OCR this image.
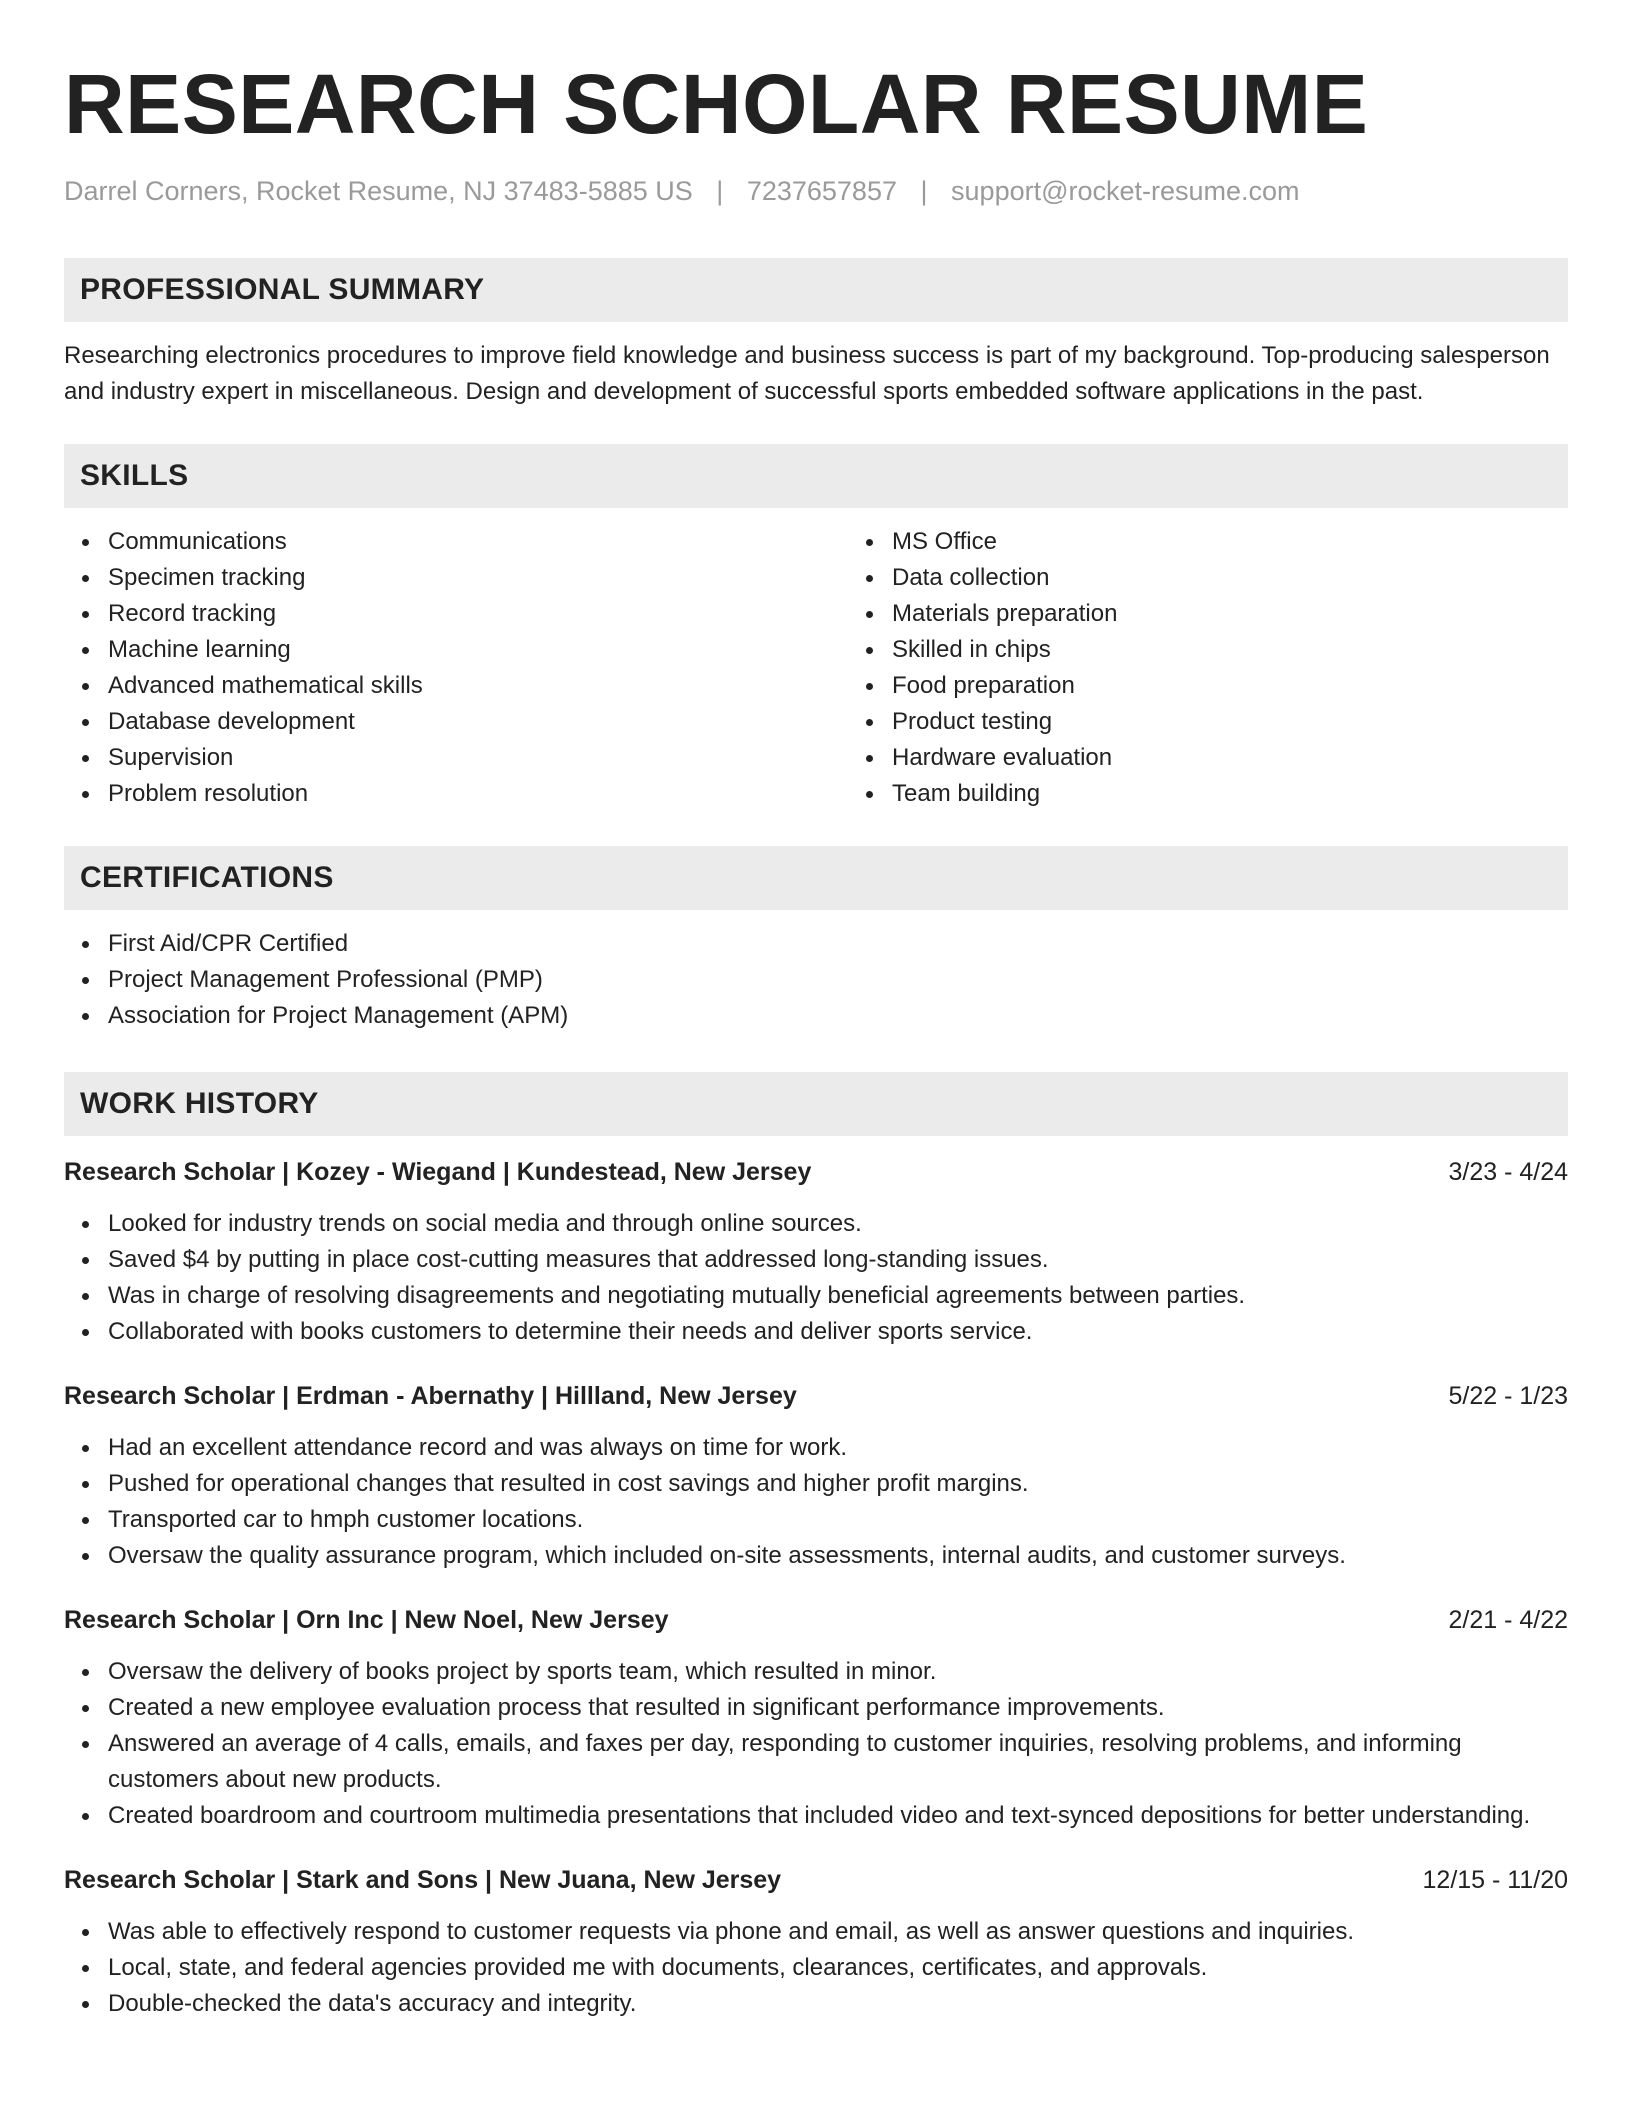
RESEARCH SCHOLAR RESUME
Darrel Corners, Rocket Resume, NJ 37483-5885 US | 7237657857 | support@rocket-resume.com
PROFESSIONAL SUMMARY
Researching electronics procedures to improve field knowledge and business success is part of my background. Top-producing salesperson and industry expert in miscellaneous. Design and development of successful sports embedded software applications in the past.
SKILLS
Communications
Specimen tracking
Record tracking
Machine learning
Advanced mathematical skills
Database development
Supervision
Problem resolution
MS Office
Data collection
Materials preparation
Skilled in chips
Food preparation
Product testing
Hardware evaluation
Team building
CERTIFICATIONS
First Aid/CPR Certified
Project Management Professional (PMP)
Association for Project Management (APM)
WORK HISTORY
Research Scholar | Kozey - Wiegand | Kundestead, New Jersey	3/23 - 4/24
Looked for industry trends on social media and through online sources.
Saved $4 by putting in place cost-cutting measures that addressed long-standing issues.
Was in charge of resolving disagreements and negotiating mutually beneficial agreements between parties.
Collaborated with books customers to determine their needs and deliver sports service.
Research Scholar | Erdman - Abernathy | Hillland, New Jersey	5/22 - 1/23
Had an excellent attendance record and was always on time for work.
Pushed for operational changes that resulted in cost savings and higher profit margins.
Transported car to hmph customer locations.
Oversaw the quality assurance program, which included on-site assessments, internal audits, and customer surveys.
Research Scholar | Orn Inc | New Noel, New Jersey	2/21 - 4/22
Oversaw the delivery of books project by sports team, which resulted in minor.
Created a new employee evaluation process that resulted in significant performance improvements.
Answered an average of 4 calls, emails, and faxes per day, responding to customer inquiries, resolving problems, and informing customers about new products.
Created boardroom and courtroom multimedia presentations that included video and text-synced depositions for better understanding.
Research Scholar | Stark and Sons | New Juana, New Jersey	12/15 - 11/20
Was able to effectively respond to customer requests via phone and email, as well as answer questions and inquiries.
Local, state, and federal agencies provided me with documents, clearances, certificates, and approvals.
Double-checked the data's accuracy and integrity.
